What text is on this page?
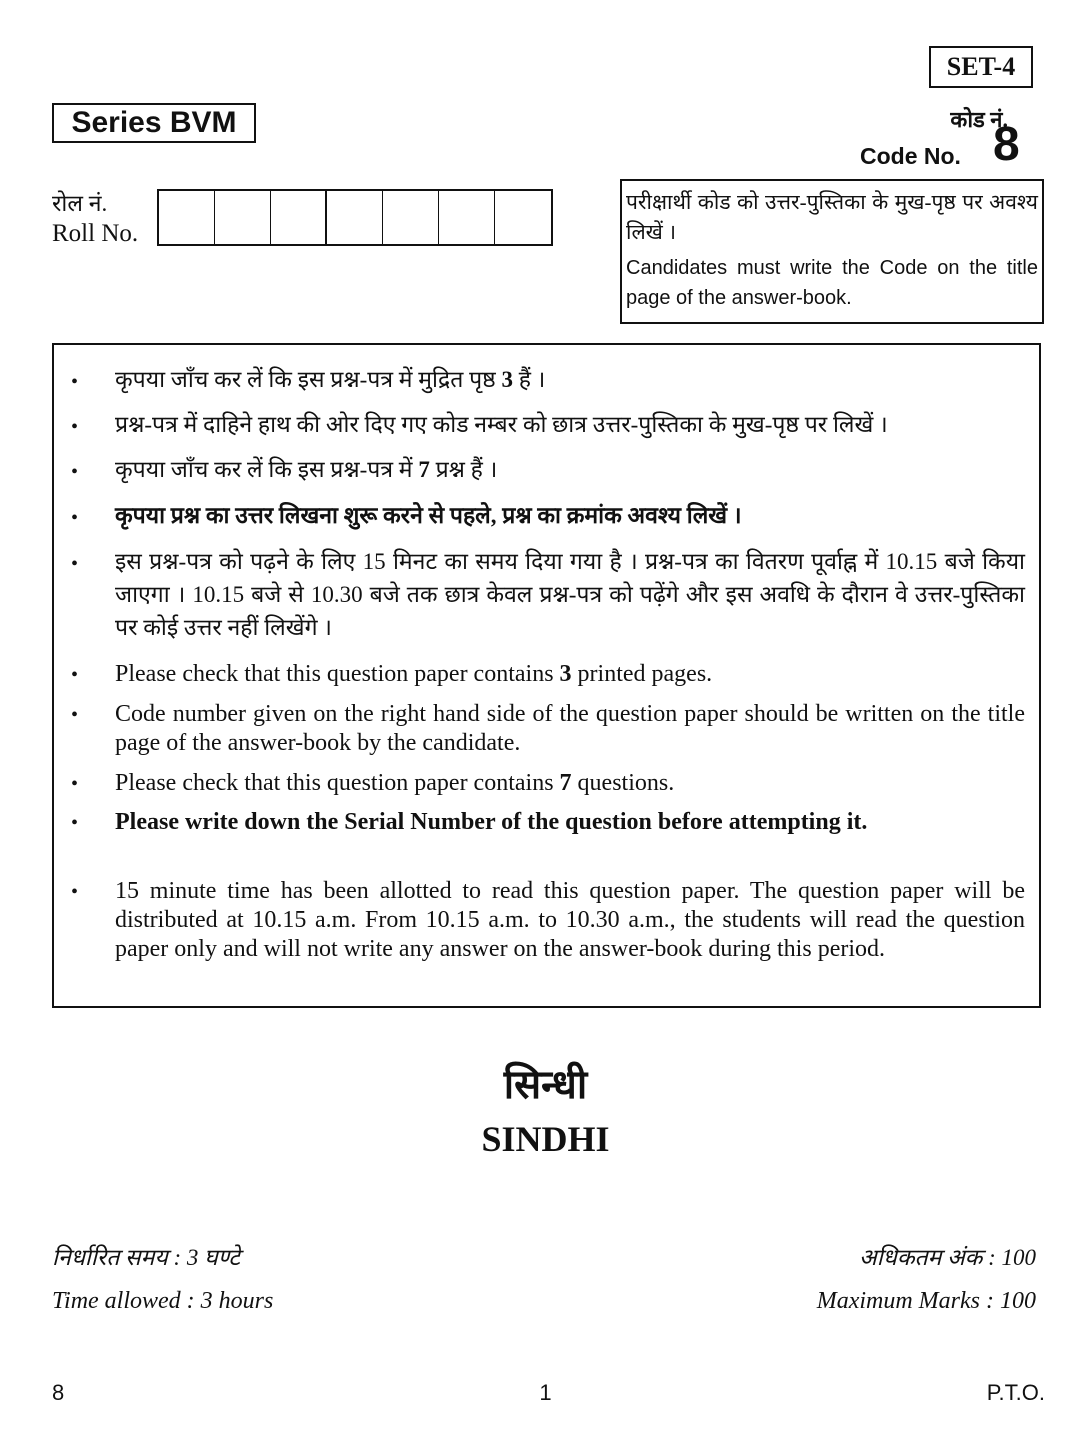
SET-4
Series BVM	कोड नं.
Code No. 8
रोल नं.
Roll No.
परीक्षार्थी कोड को उत्तर-पुस्तिका के मुख-पृष्ठ पर अवश्य लिखें ।
Candidates must write the Code on the title page of the answer-book.
• कृपया जाँच कर लें कि इस प्रश्न-पत्र में मुद्रित पृष्ठ 3 हैं ।
• प्रश्न-पत्र में दाहिने हाथ की ओर दिए गए कोड नम्बर को छात्र उत्तर-पुस्तिका के मुख-पृष्ठ पर लिखें ।
• कृपया जाँच कर लें कि इस प्रश्न-पत्र में 7 प्रश्न हैं ।
• कृपया प्रश्न का उत्तर लिखना शुरू करने से पहले, प्रश्न का क्रमांक अवश्य लिखें ।
• इस प्रश्न-पत्र को पढ़ने के लिए 15 मिनट का समय दिया गया है । प्रश्न-पत्र का वितरण पूर्वाह्न में 10.15 बजे किया जाएगा । 10.15 बजे से 10.30 बजे तक छात्र केवल प्रश्न-पत्र को पढ़ेंगे और इस अवधि के दौरान वे उत्तर-पुस्तिका पर कोई उत्तर नहीं लिखेंगे ।
• Please check that this question paper contains 3 printed pages.
• Code number given on the right hand side of the question paper should be written on the title page of the answer-book by the candidate.
• Please check that this question paper contains 7 questions.
• Please write down the Serial Number of the question before attempting it.
• 15 minute time has been allotted to read this question paper. The question paper will be distributed at 10.15 a.m. From 10.15 a.m. to 10.30 a.m., the students will read the question paper only and will not write any answer on the answer-book during this period.
सिन्धी
SINDHI
निर्धारित समय : 3 घण्टे
Time allowed : 3 hours
अधिकतम अंक : 100
Maximum Marks : 100
8	1	P.T.O.
